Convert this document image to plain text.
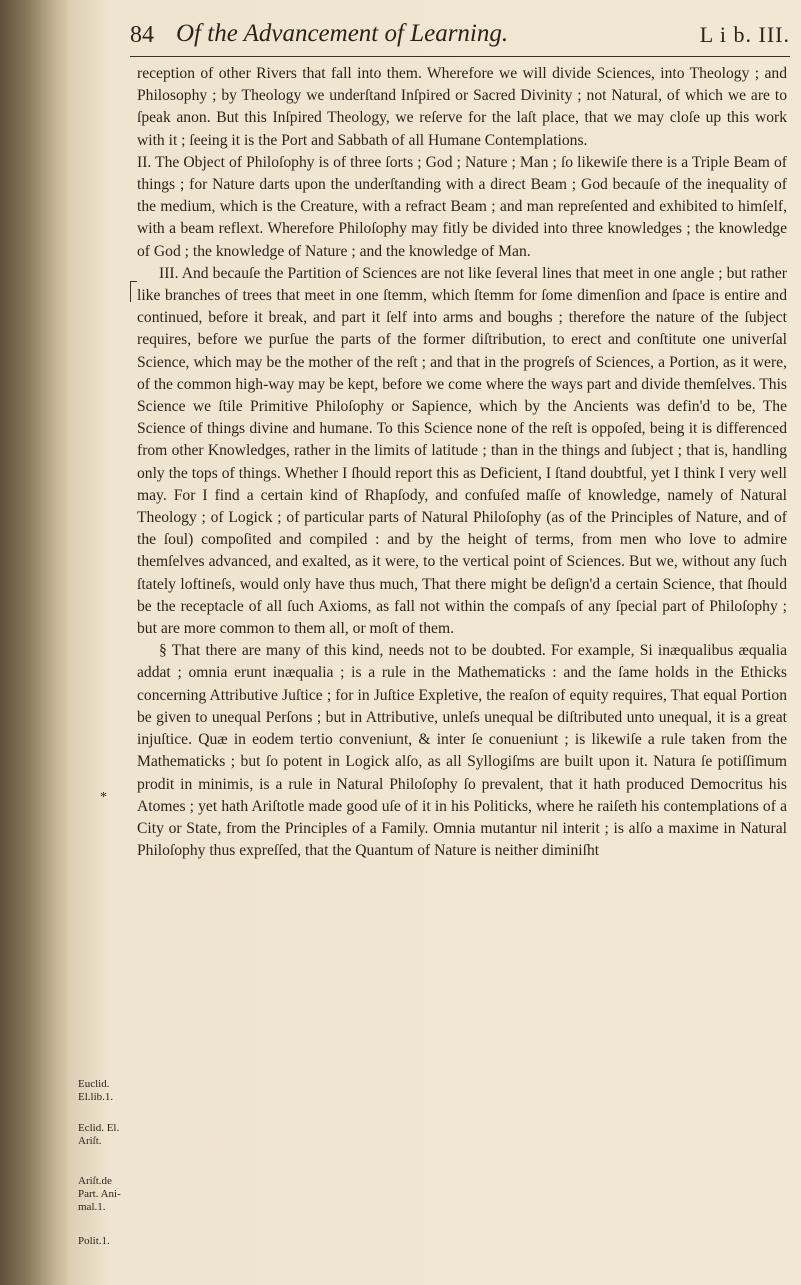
84 Of the Advancement of Learning.	L i b. III.
*
Euclid.
El.lib.1.
Eclid. El.
Ariſt.
Ariſt.de
Part. Ani-
mal.1.
Polit.1.

reception of other Rivers that fall into them. Wherefore we will divide Sciences, into Theology ; and Philosophy ; by Theology we underſtand Inſpired or Sacred Divinity ; not Natural, of which we are to ſpeak anon. But this Inſpired Theology, we reſerve for the laſt place, that we may cloſe up this work with it ; ſeeing it is the Port and Sabbath of all Humane Contemplations.

II. The Object of Philoſophy is of three ſorts ; God ; Nature ; Man ; ſo likewiſe there is a Triple Beam of things ; for Nature darts upon the underſtanding with a direct Beam ; God becauſe of the inequality of the medium, which is the Creature, with a refract Beam ; and man repreſented and exhibited to himſelf, with a beam reflext. Wherefore Philoſophy may fitly be divided into three knowledges ; the knowledge of God ; the knowledge of Nature ; and the knowledge of Man.

III. And becauſe the Partition of Sciences are not like ſeveral lines that meet in one angle ; but rather like branches of trees that meet in one ſtemm, which ſtemm for ſome dimenſion and ſpace is entire and continued, before it break, and part it ſelf into arms and boughs ; therefore the nature of the ſubject requires, before we purſue the parts of the former diſtribution, to erect and conſtitute one univerſal Science, which may be the mother of the reſt ; and that in the progreſs of Sciences, a Portion, as it were, of the common high-way may be kept, before we come where the ways part and divide themſelves. This Science we ſtile Primitive Philoſophy or Sapience, which by the Ancients was defin'd to be, The Science of things divine and humane. To this Science none of the reſt is oppoſed, being it is differenced from other Knowledges, rather in the limits of latitude ; than in the things and ſubject ; that is, handling only the tops of things. Whether I ſhould report this as Deficient, I ſtand doubtful, yet I think I very well may. For I find a certain kind of Rhapſody, and confuſed maſſe of knowledge, namely of Natural Theology ; of Logick ; of particular parts of Natural Philoſophy (as of the Principles of Nature, and of the ſoul) compoſited and compiled : and by the height of terms, from men who love to admire themſelves advanced, and exalted, as it were, to the vertical point of Sciences. But we, without any ſuch ſtately loftineſs, would only have thus much, That there might be deſign'd a certain Science, that ſhould be the receptacle of all ſuch Axioms, as fall not within the compaſs of any ſpecial part of Philoſophy ; but are more common to them all, or moſt of them.

§ That there are many of this kind, needs not to be doubted. For example, Si inæqualibus æqualia addat ; omnia erunt inæqualia ; is a rule in the Mathematicks : and the ſame holds in the Ethicks concerning Attributive Juſtice ; for in Juſtice Expletive, the reaſon of equity requires, That equal Portion be given to unequal Perſons ; but in Attributive, unleſs unequal be diſtributed unto unequal, it is a great injuſtice. Quæ in eodem tertio conveniunt, & inter ſe conueniunt ; is likewiſe a rule taken from the Mathematicks ; but ſo potent in Logick alſo, as all Syllogiſms are built upon it. Natura ſe potiſſimum prodit in minimis, is a rule in Natural Philoſophy ſo prevalent, that it hath produced Democritus his Atomes ; yet hath Ariſtotle made good uſe of it in his Politicks, where he raiſeth his contemplations of a City or State, from the Principles of a Family. Omnia mutantur nil interit ; is alſo a maxime in Natural Philoſophy thus expreſſed, that the Quantum of Nature is neither diminiſht
